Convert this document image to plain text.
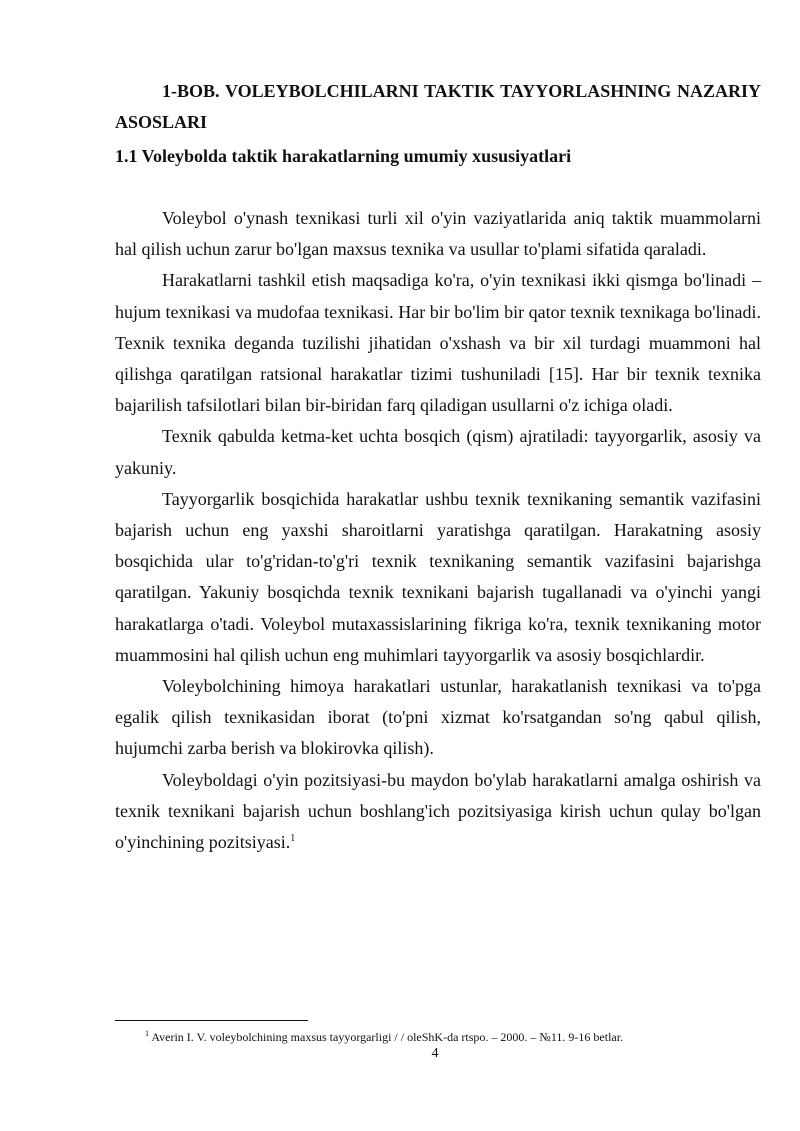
1-BOB. VOLEYBOLCHILARNI TAKTIK TAYYORLASHNING NAZARIY ASOSLARI
1.1 Voleybolda taktik harakatlarning umumiy xususiyatlari

Voleybol o'ynash texnikasi turli xil o'yin vaziyatlarida aniq taktik muammolarni hal qilish uchun zarur bo'lgan maxsus texnika va usullar to'plami sifatida qaraladi.

Harakatlarni tashkil etish maqsadiga ko'ra, o'yin texnikasi ikki qismga bo'linadi – hujum texnikasi va mudofaa texnikasi. Har bir bo'lim bir qator texnik texnikaga bo'linadi. Texnik texnika deganda tuzilishi jihatidan o'xshash va bir xil turdagi muammoni hal qilishga qaratilgan ratsional harakatlar tizimi tushuniladi [15]. Har bir texnik texnika bajarilish tafsilotlari bilan bir-biridan farq qiladigan usullarni o'z ichiga oladi.

Texnik qabulda ketma-ket uchta bosqich (qism) ajratiladi: tayyorgarlik, asosiy va yakuniy.

Tayyorgarlik bosqichida harakatlar ushbu texnik texnikaning semantik vazifasini bajarish uchun eng yaxshi sharoitlarni yaratishga qaratilgan. Harakatning asosiy bosqichida ular to'g'ridan-to'g'ri texnik texnikaning semantik vazifasini bajarishga qaratilgan. Yakuniy bosqichda texnik texnikani bajarish tugallanadi va o'yinchi yangi harakatlarga o'tadi. Voleybol mutaxassislarining fikriga ko'ra, texnik texnikaning motor muammosini hal qilish uchun eng muhimlari tayyorgarlik va asosiy bosqichlardir.

Voleybolchining himoya harakatlari ustunlar, harakatlanish texnikasi va to'pga egalik qilish texnikasidan iborat (to'pni xizmat ko'rsatgandan so'ng qabul qilish, hujumchi zarba berish va blokirovka qilish).

Voleyboldagi o'yin pozitsiyasi-bu maydon bo'ylab harakatlarni amalga oshirish va texnik texnikani bajarish uchun boshlang'ich pozitsiyasiga kirish uchun qulay bo'lgan o'yinchining pozitsiyasi.$^1$

$^1$ Averin I. V. voleybolchining maxsus tayyorgarligi / / oleShK-da rtspo. – 2000. – №11. 9-16 betlar.

4
